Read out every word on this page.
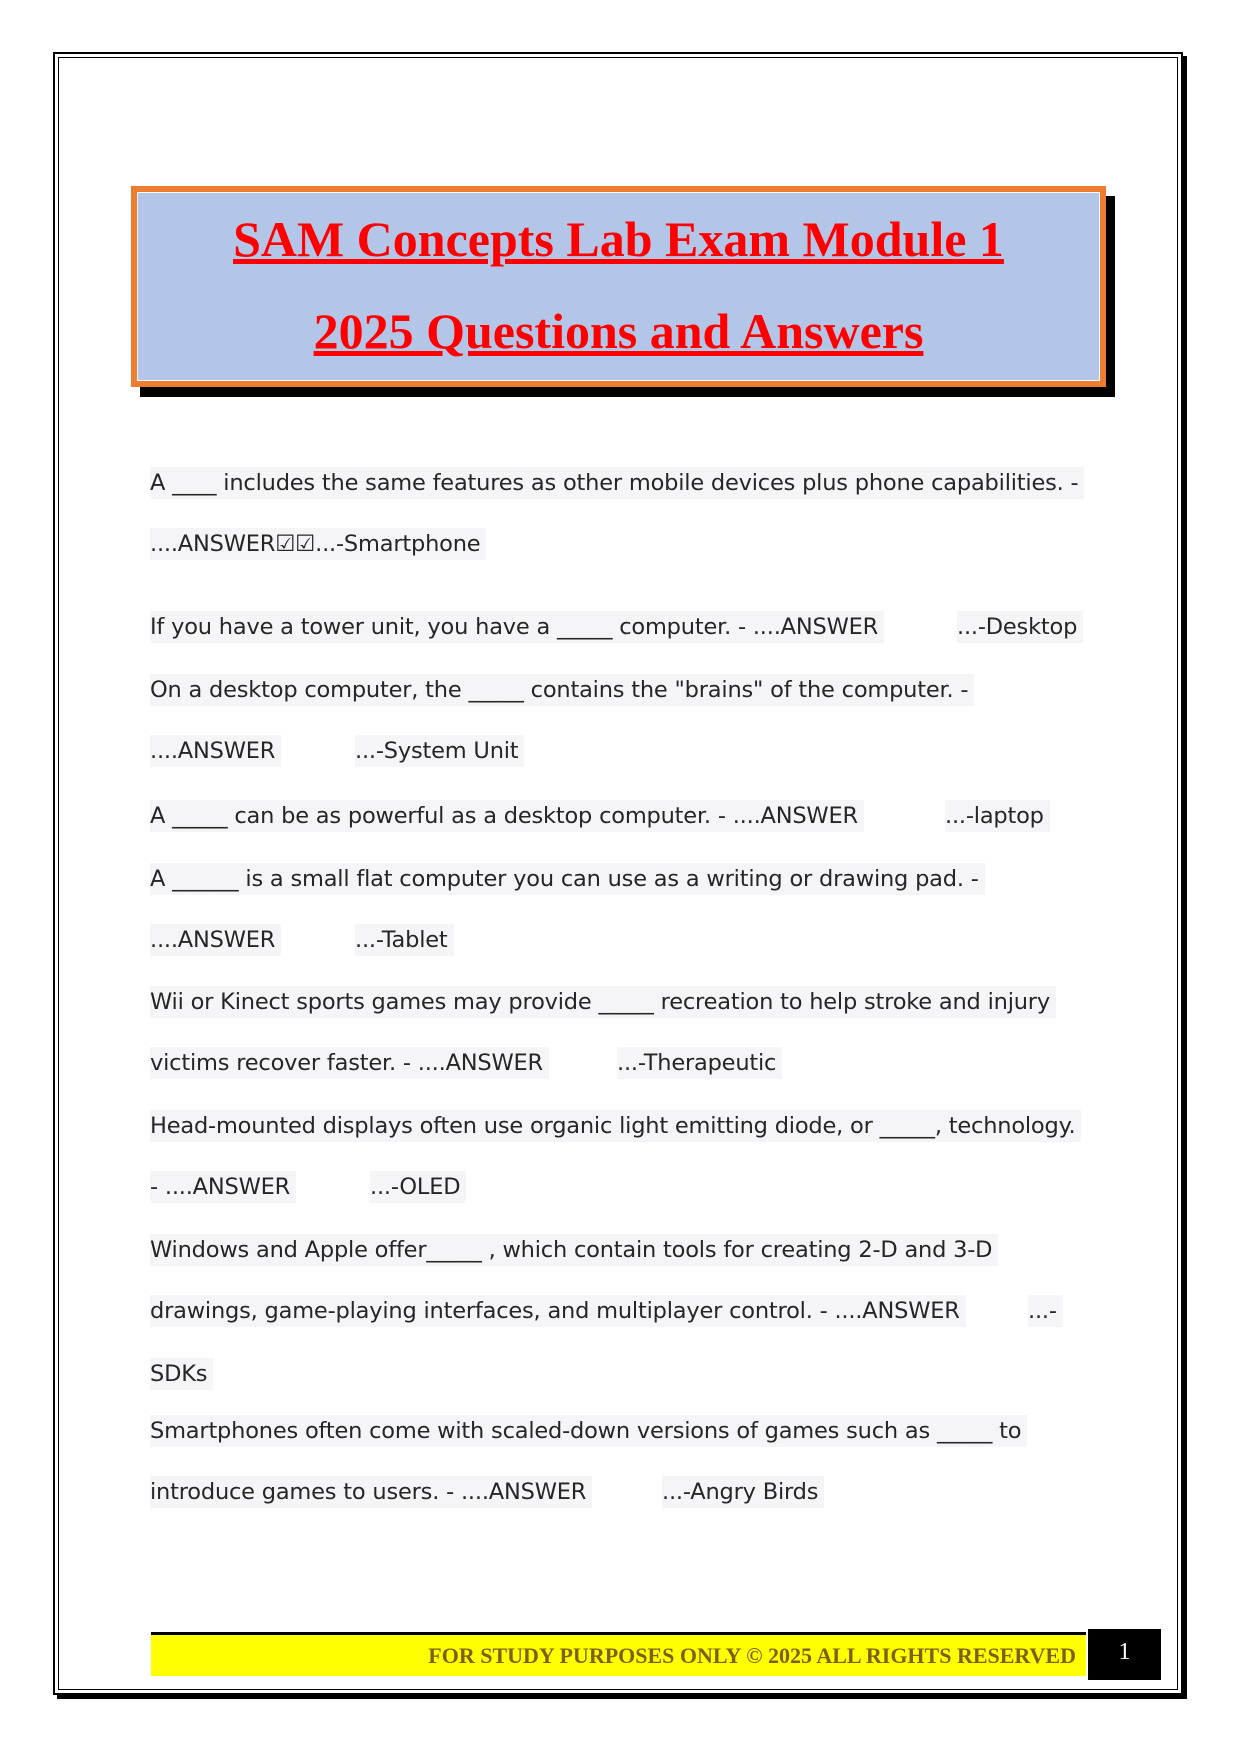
SAM Concepts Lab Exam Module 1
2025 Questions and Answers
A ____ includes the same features as other mobile devices plus phone capabilities. -
....ANSWER☑☑...-Smartphone
If you have a tower unit, you have a _____ computer. - ....ANSWER	...-Desktop
On a desktop computer, the _____ contains the "brains" of the computer. -
....ANSWER	...-System Unit
A _____ can be as powerful as a desktop computer. - ....ANSWER	...-laptop
A ______ is a small flat computer you can use as a writing or drawing pad. -
....ANSWER	...-Tablet
Wii or Kinect sports games may provide _____ recreation to help stroke and injury
victims recover faster. - ....ANSWER	...-Therapeutic
Head-mounted displays often use organic light emitting diode, or _____, technology.
- ....ANSWER	...-OLED
Windows and Apple offer_____ , which contain tools for creating 2-D and 3-D
drawings, game-playing interfaces, and multiplayer control. - ....ANSWER	...-
SDKs
Smartphones often come with scaled-down versions of games such as _____ to
introduce games to users. - ....ANSWER	...-Angry Birds
FOR STUDY PURPOSES ONLY © 2025 ALL RIGHTS RESERVED	1
